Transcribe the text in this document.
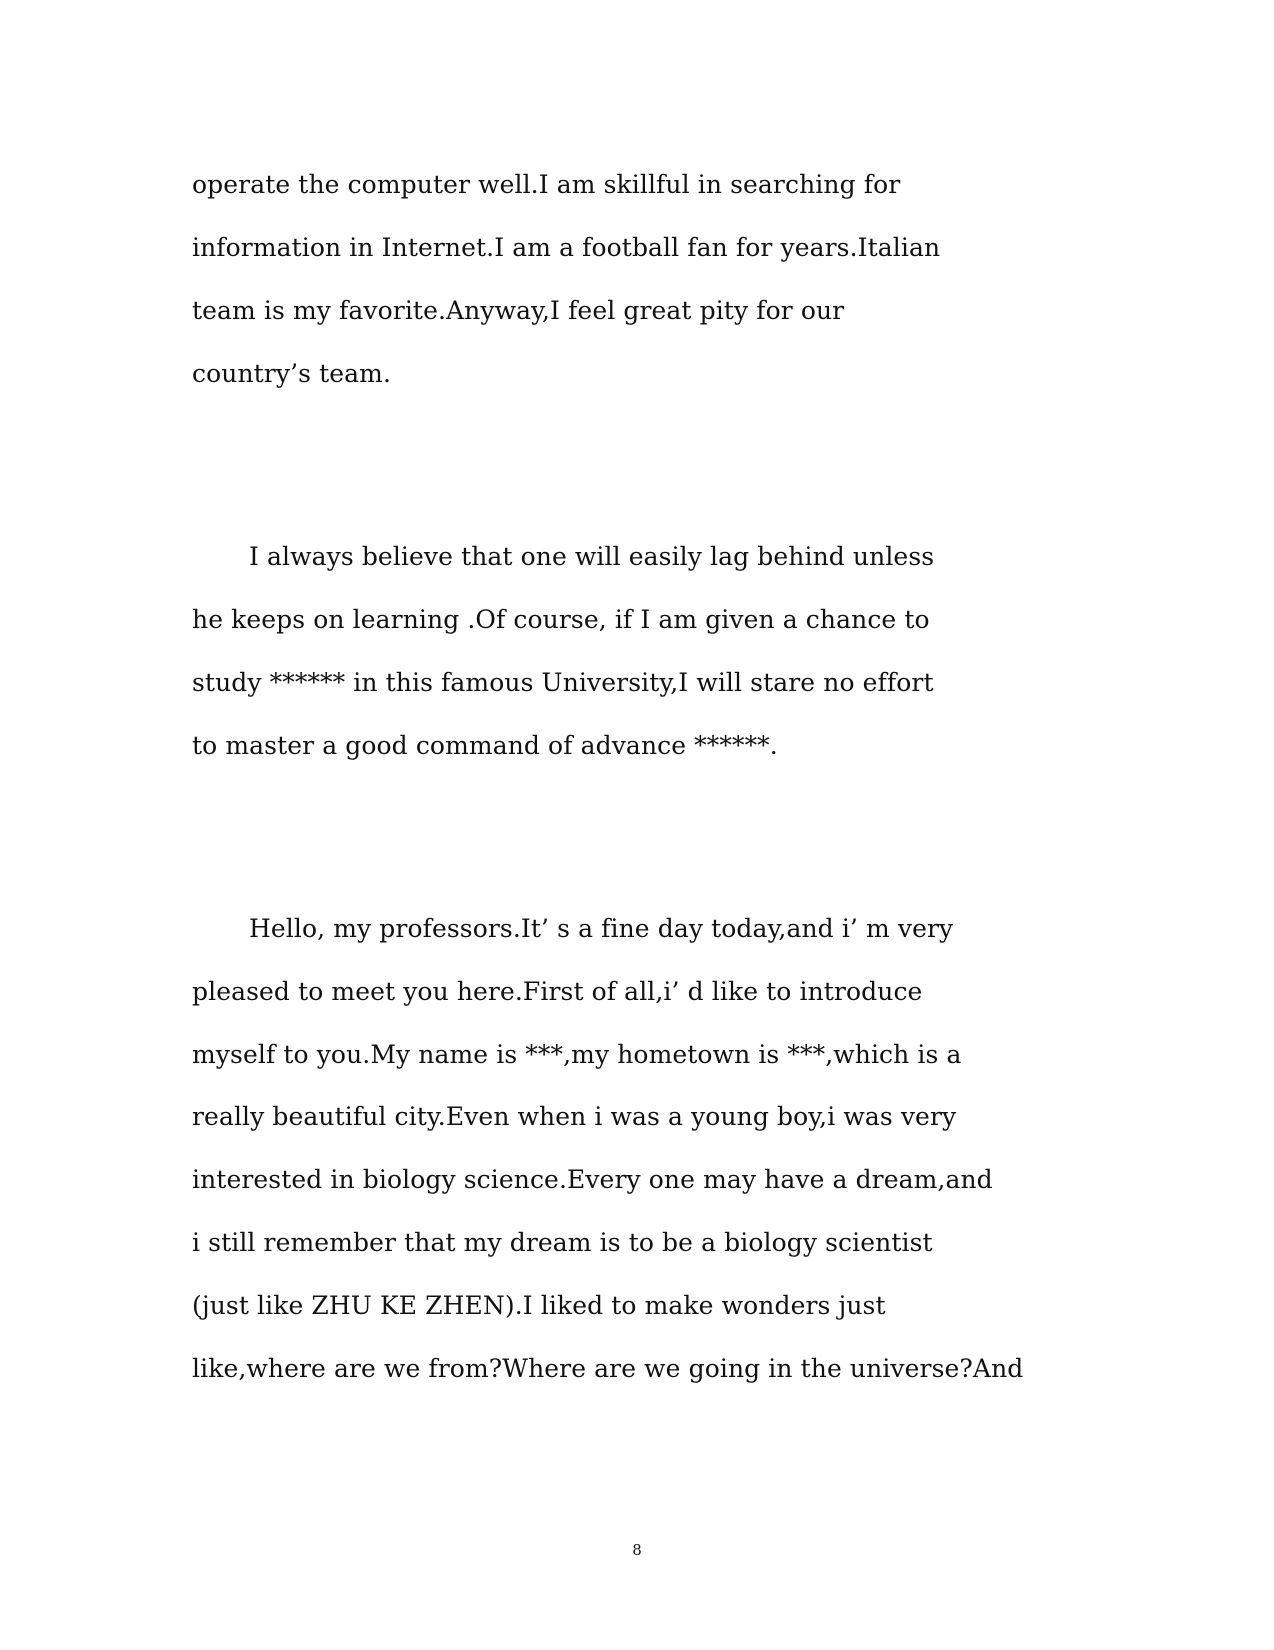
operate the computer well.I am skillful in searching for
information in Internet.I am a football fan for years.Italian
team is my favorite.Anyway,I feel great pity for our
country’s team.
I always believe that one will easily lag behind unless
he keeps on learning .Of course, if I am given a chance to
study ****** in this famous University,I will stare no effort
to master a good command of advance ******.
Hello, my professors.It’ s a fine day today,and i’ m very
pleased to meet you here.First of all,i’ d like to introduce
myself to you.My name is ***,my hometown is ***,which is a
really beautiful city.Even when i was a young boy,i was very
interested in biology science.Every one may have a dream,and
i still remember that my dream is to be a biology scientist
(just like ZHU KE ZHEN).I liked to make wonders just
like,where are we from?Where are we going in the universe?And
8
